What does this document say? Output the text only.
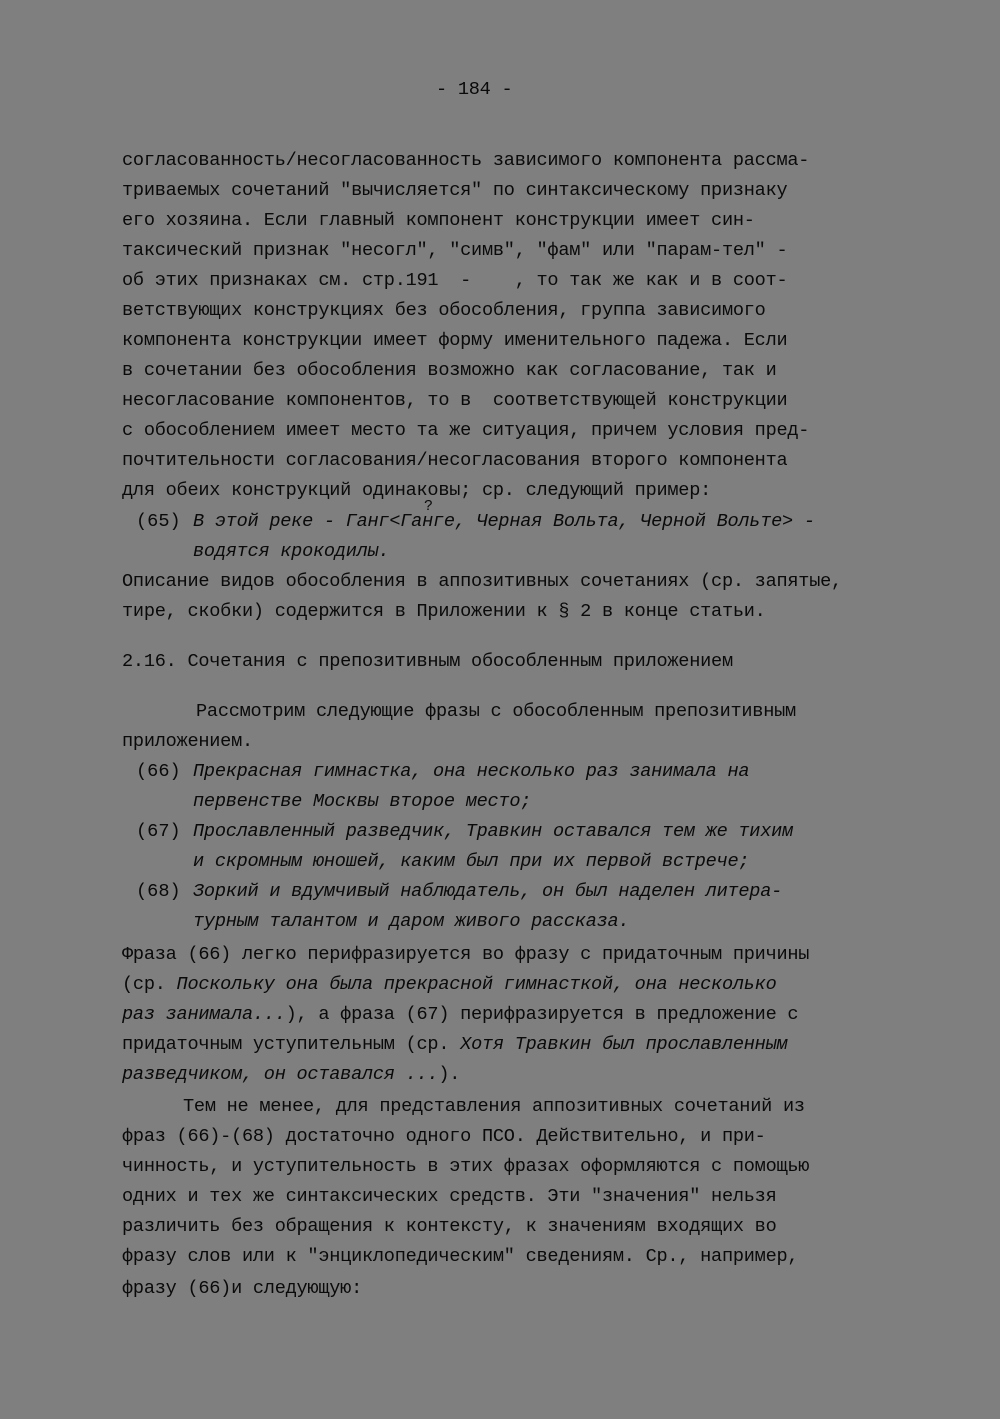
- 184 -
согласованность/несогласованность зависимого компонента рассма-
триваемых сочетаний "вычисляется" по синтаксическому признаку
его хозяина. Если главный компонент конструкции имеет син-
таксический признак "несогл", "симв", "фам" или "парам-тел" -
об этих признаках см. стр.191  -    , то так же как и в соот-
ветствующих конструкциях без обособления, группа зависимого
компонента конструкции имеет форму именительного падежа. Если
в сочетании без обособления возможно как согласование, так и
несогласование компонентов, то в  соответствующей конструкции
с обособлением имеет место та же ситуация, причем условия пред-
почтительности согласования/несогласования второго компонента
для обеих конструкций одинаковы; ср. следующий пример:
(65)
?
В этой реке - Ганг<Ганге, Черная Вольта, Черной Вольте> -
водятся крокодилы.
Описание видов обособления в аппозитивных сочетаниях (ср. запятые,
тире, скобки) содержится в Приложении к § 2 в конце статьи.
2.16. Сочетания с препозитивным обособленным приложением
Рассмотрим следующие фразы с обособленным препозитивным
приложением.
(66) Прекрасная гимнастка, она несколько раз занимала на
первенстве Москвы второе место;
(67) Прославленный разведчик, Травкин оставался тем же тихим
и скромным юношей, каким был при их первой встрече;
(68) Зоркий и вдумчивый наблюдатель, он был наделен литера-
турным талантом и даром живого рассказа.
Фраза (66) легко перифразируется во фразу с придаточным причины
(ср. Поскольку она была прекрасной гимнасткой, она несколько
раз занимала...), а фраза (67) перифразируется в предложение с
придаточным уступительным (ср. Хотя Травкин был прославленным
разведчиком, он оставался ...).
Тем не менее, для представления аппозитивных сочетаний из
фраз (66)-(68) достаточно одного ПСО. Действительно, и при-
чинность, и уступительность в этих фразах оформляются с помощью
одних и тех же синтаксических средств. Эти "значения" нельзя
различить без обращения к контексту, к значениям входящих во
фразу слов или к "энциклопедическим" сведениям. Ср., например,
фразу (66)и следующую:
